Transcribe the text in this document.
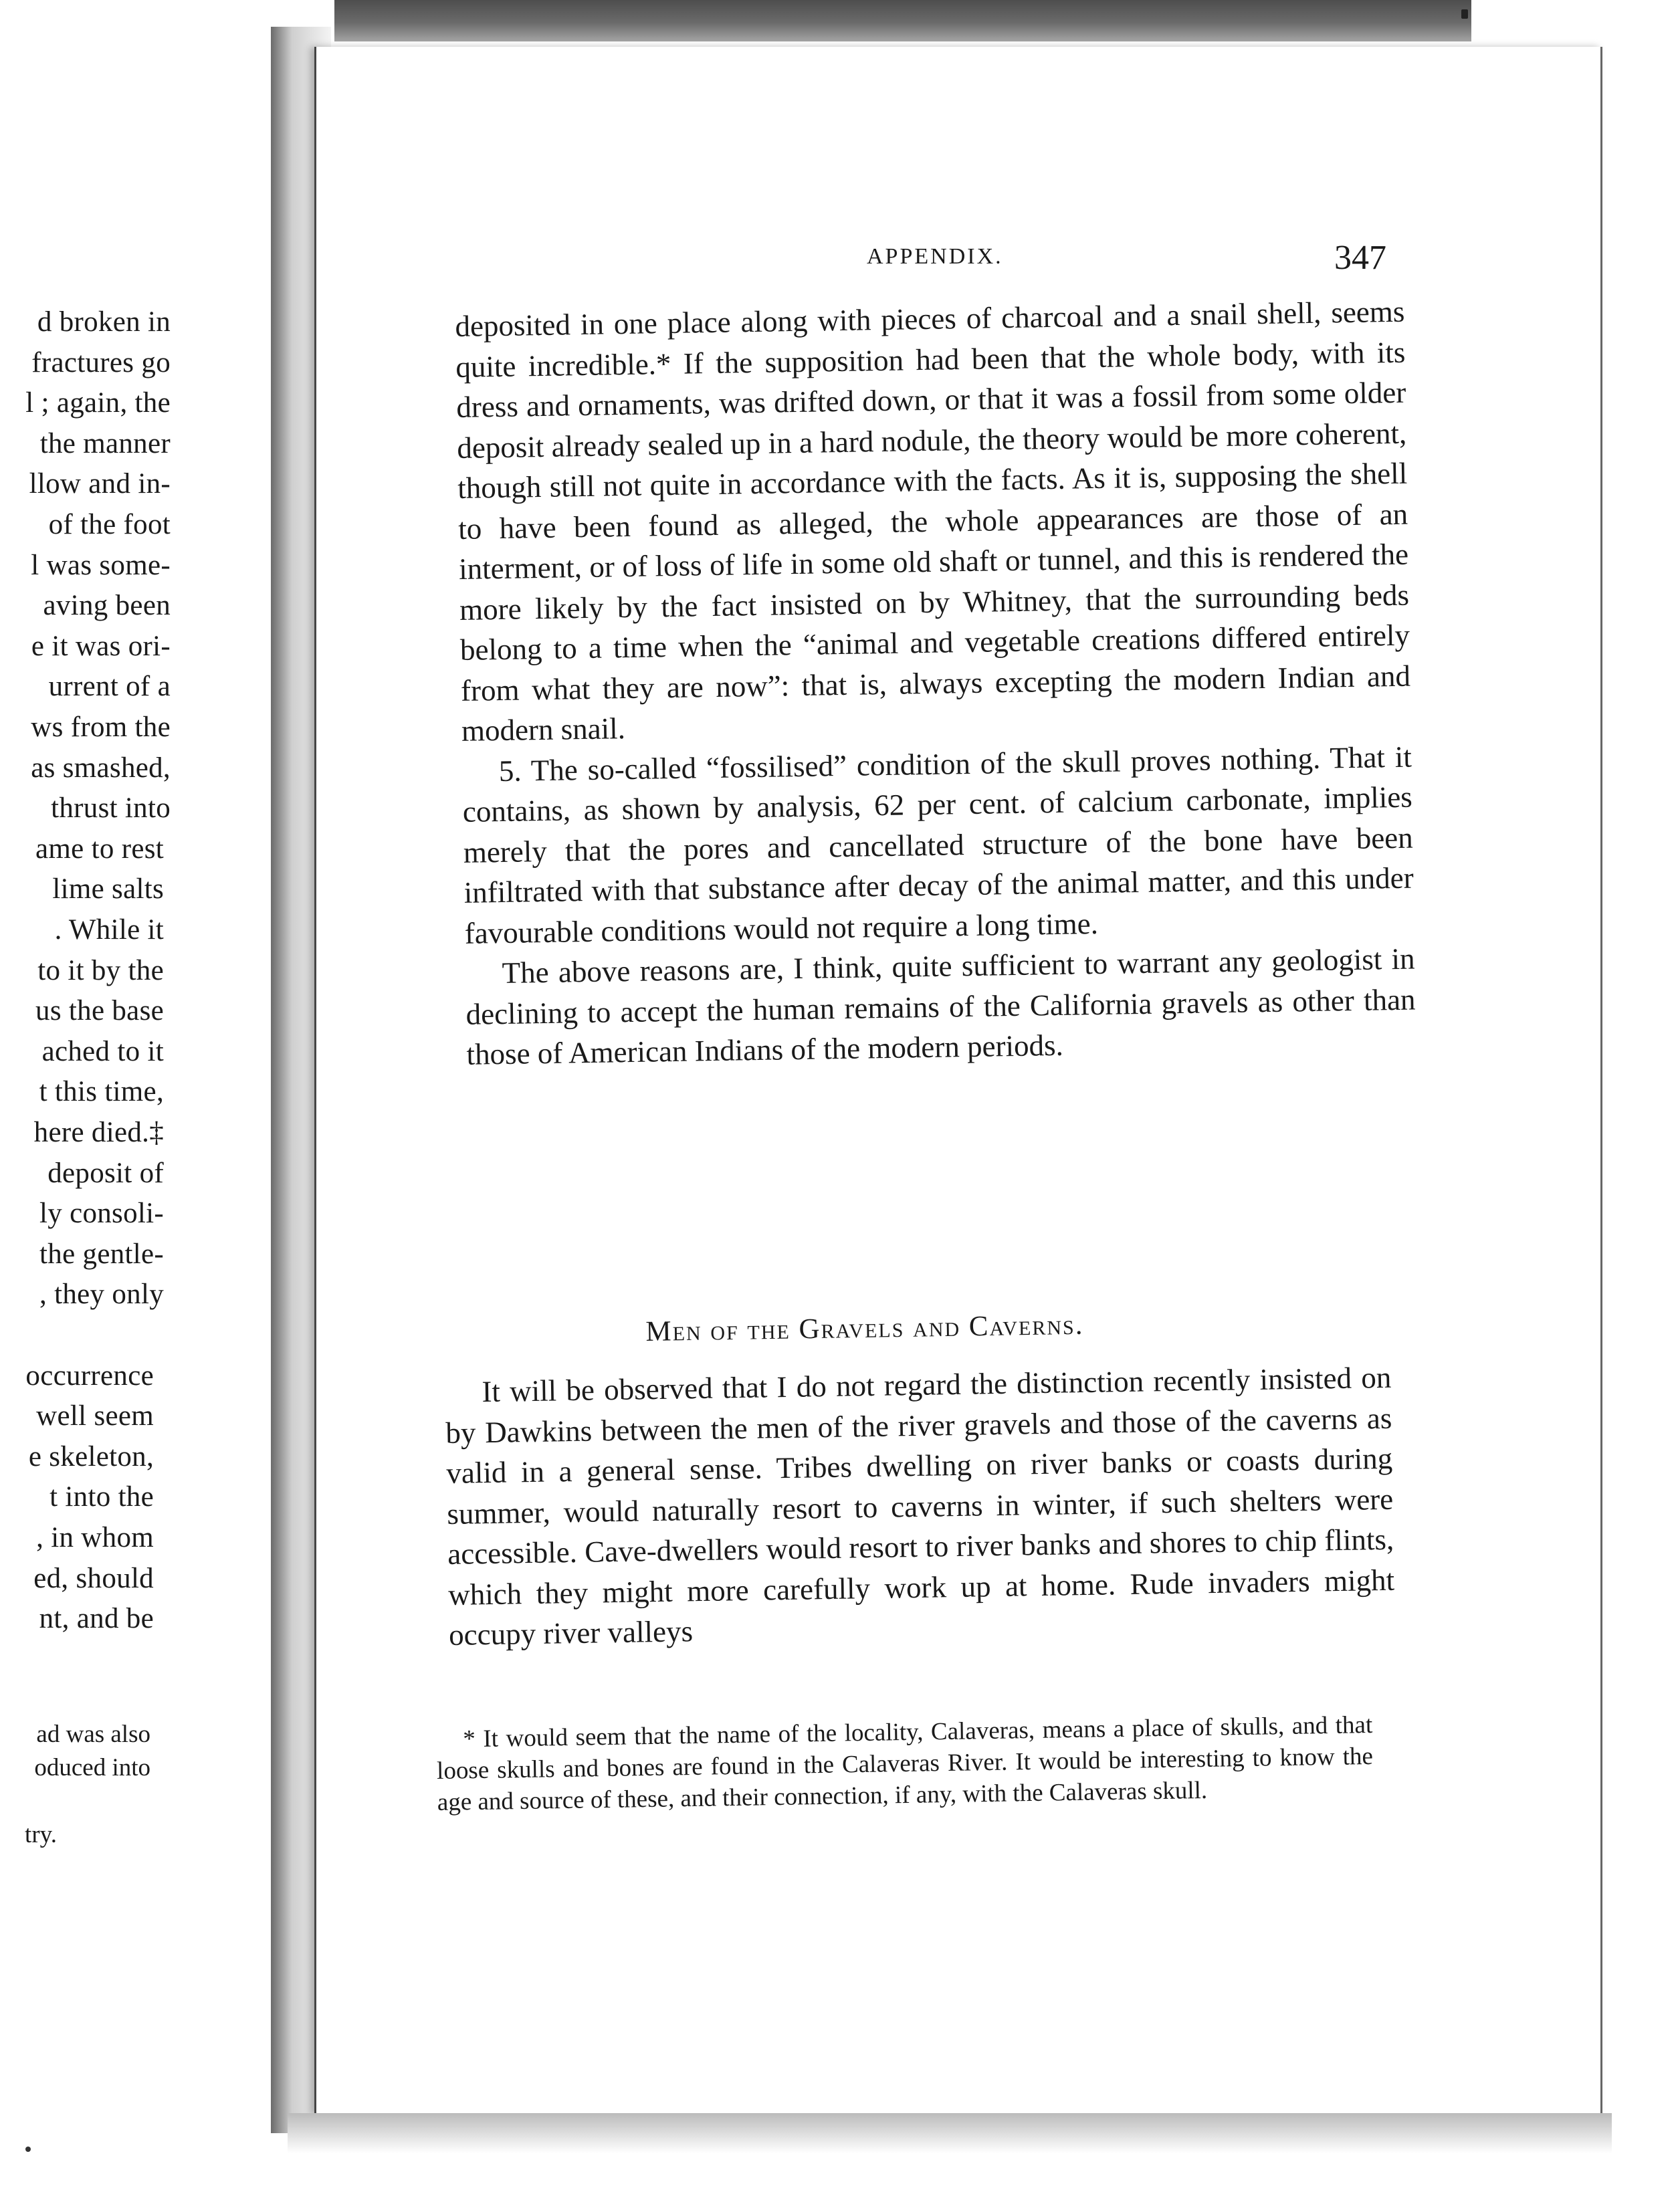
d broken in
fractures go
l ; again, the
the manner
llow and in-
of the foot
l was some-
aving been
e it was ori-
urrent of a
ws from the
as smashed,
thrust into
ame to rest
lime salts
. While it
to it by the
us the base
ached to it
t this time,
here died.‡
deposit of
ly consoli-
the gentle-
, they only
occurrence
well seem
e skeleton,
t into the
, in whom
ed, should
nt, and be
ad was also
oduced into
try.
APPENDIX.	347

deposited in one place along with pieces of charcoal and a snail shell, seems quite incredible.* If the supposition had been that the whole body, with its dress and ornaments, was drifted down, or that it was a fossil from some older deposit already sealed up in a hard nodule, the theory would be more coherent, though still not quite in accordance with the facts. As it is, supposing the shell to have been found as alleged, the whole appearances are those of an interment, or of loss of life in some old shaft or tunnel, and this is rendered the more likely by the fact insisted on by Whitney, that the surrounding beds belong to a time when the “animal and vegetable creations differed entirely from what they are now”: that is, always excepting the modern Indian and modern snail.

5. The so-called “fossilised” condition of the skull proves nothing. That it contains, as shown by analysis, 62 per cent. of calcium carbonate, implies merely that the pores and cancellated structure of the bone have been infiltrated with that substance after decay of the animal matter, and this under favourable conditions would not require a long time.

The above reasons are, I think, quite sufficient to warrant any geologist in declining to accept the human remains of the California gravels as other than those of American Indians of the modern periods.

Men of the Gravels and Caverns.
It will be observed that I do not regard the distinction recently insisted on by Dawkins between the men of the river gravels and those of the caverns as valid in a general sense. Tribes dwelling on river banks or coasts during summer, would naturally resort to caverns in winter, if such shelters were accessible. Cave-dwellers would resort to river banks and shores to chip flints, which they might more carefully work up at home. Rude invaders might occupy river valleys

* It would seem that the name of the locality, Calaveras, means a place of skulls, and that loose skulls and bones are found in the Calaveras River. It would be interesting to know the age and source of these, and their connection, if any, with the Calaveras skull.
